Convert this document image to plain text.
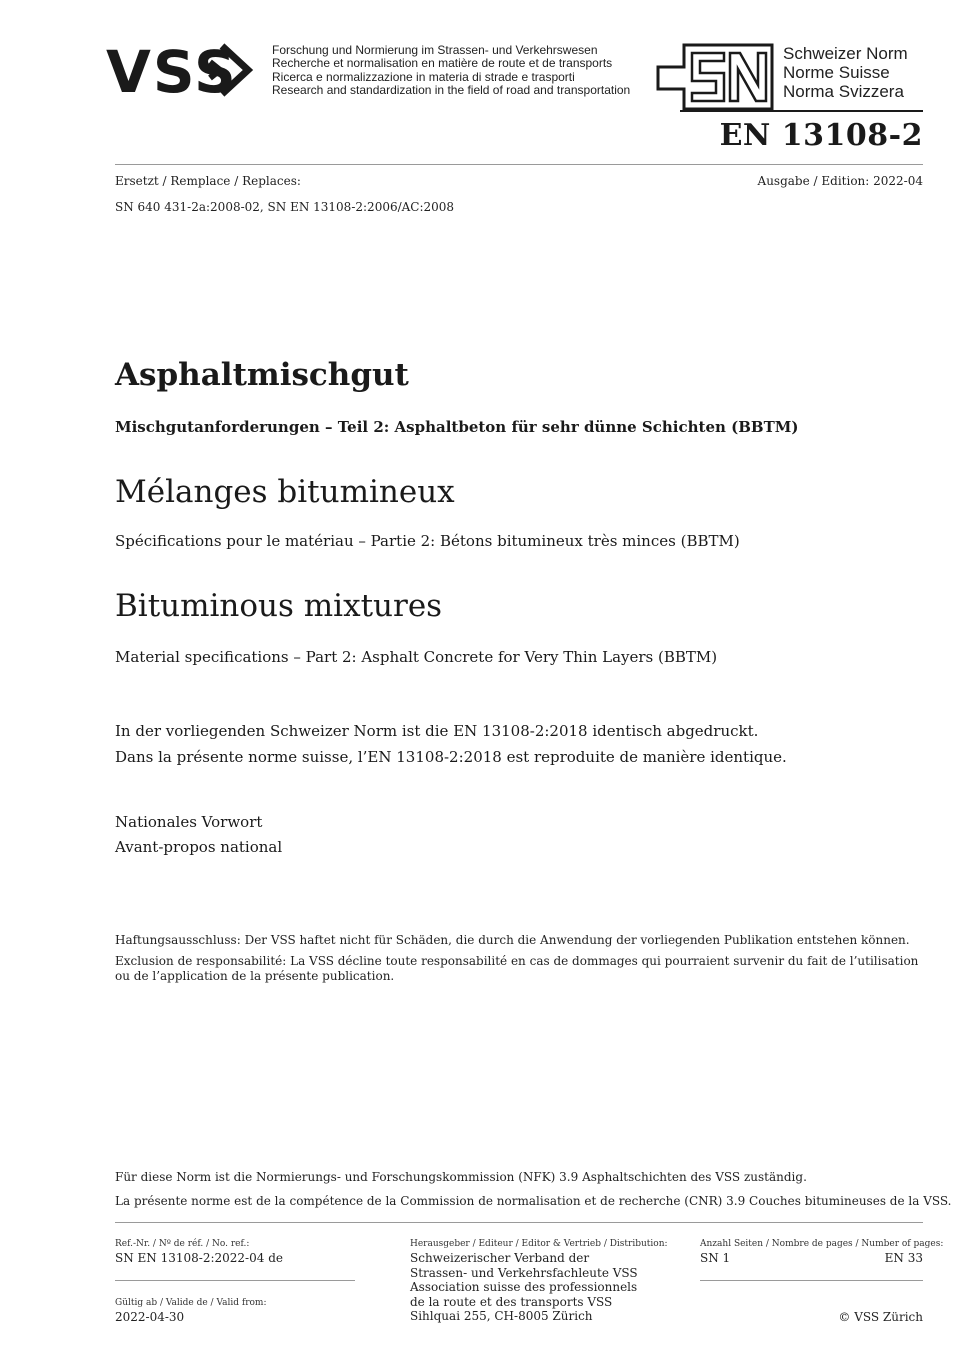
VSS	Forschung und Normierung im Strassen- und Verkehrswesen
Recherche et normalisation en matière de route et de transports
Ricerca e normalizzazione in materia di strade e trasporti
Research and standardization in the field of road and transportation
Schweizer Norm
Norme Suisse
Norma Svizzera
EN 13108-2
Ersetzt / Remplace / Replaces:	Ausgabe / Edition: 2022-04
SN 640 431-2a:2008-02, SN EN 13108-2:2006/AC:2008
Asphaltmischgut
Mischgutanforderungen – Teil 2: Asphaltbeton für sehr dünne Schichten (BBTM)
Mélanges bitumineux
Spécifications pour le matériau – Partie 2: Bétons bitumineux très minces (BBTM)
Bituminous mixtures
Material specifications – Part 2: Asphalt Concrete for Very Thin Layers (BBTM)
In der vorliegenden Schweizer Norm ist die EN 13108-2:2018 identisch abgedruckt.
Dans la présente norme suisse, l’EN 13108-2:2018 est reproduite de manière identique.
Nationales Vorwort
Avant-propos national
Haftungsausschluss: Der VSS haftet nicht für Schäden, die durch die Anwendung der vorliegenden Publikation entstehen können.
Exclusion de responsabilité: La VSS décline toute responsabilité en cas de dommages qui pourraient survenir du fait de l’utilisation
ou de l’application de la présente publication.
Für diese Norm ist die Normierungs- und Forschungskommission (NFK) 3.9 Asphaltschichten des VSS zuständig.
La présente norme est de la compétence de la Commission de normalisation et de recherche (CNR) 3.9 Couches bitumineuses de la VSS.
Ref.-Nr. / Nº de réf. / No. ref.:
SN EN 13108-2:2022-04 de
Gültig ab / Valide de / Valid from:
2022-04-30
Herausgeber / Editeur / Editor & Vertrieb / Distribution:
Schweizerischer Verband der
Strassen- und Verkehrsfachleute VSS
Association suisse des professionnels
de la route et des transports VSS
Sihlquai 255, CH-8005 Zürich
Anzahl Seiten / Nombre de pages / Number of pages:
SN 1	EN 33
© VSS Zürich
